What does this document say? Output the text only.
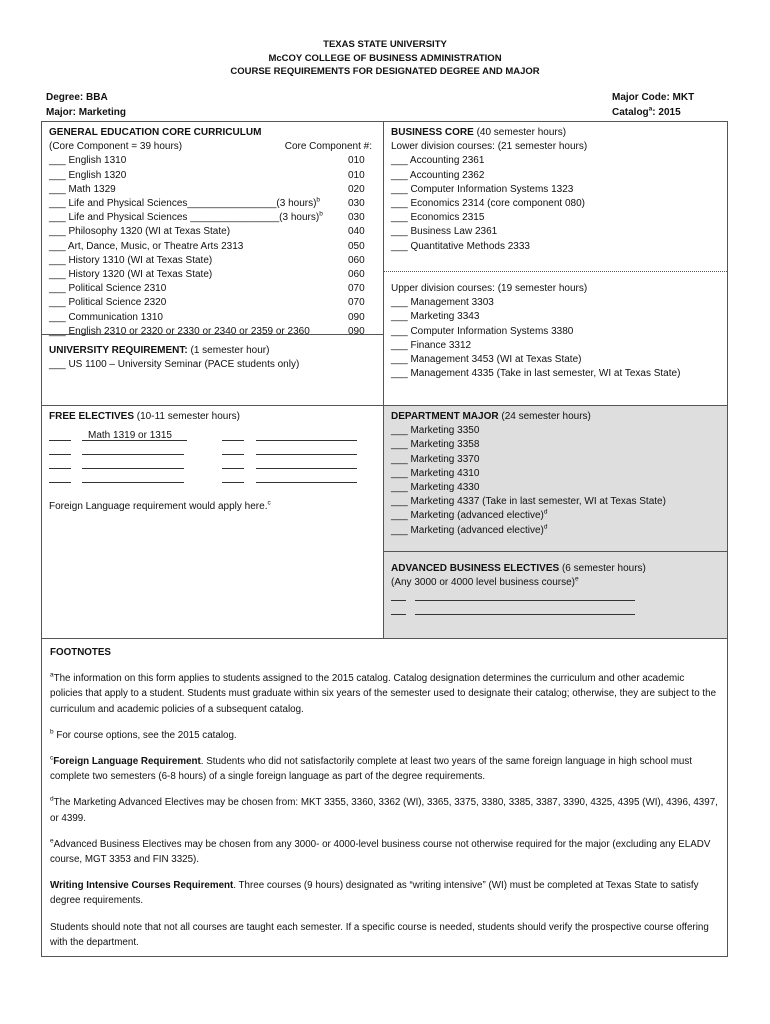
TEXAS STATE UNIVERSITY
McCOY COLLEGE OF BUSINESS ADMINISTRATION
COURSE REQUIREMENTS FOR DESIGNATED DEGREE AND MAJOR
Degree: BBA
Major: Marketing
Major Code: MKT
Catalog$^a$: 2015
GENERAL EDUCATION CORE CURRICULUM
(Core Component = 39 hours)	Core Component #:
___ English 1310	010
___ English 1320	010
___ Math 1329	020
___ Life and Physical Sciences________________(3 hours)$^b$	030
___ Life and Physical Sciences ________________(3 hours)$^b$	030
___ Philosophy 1320 (WI at Texas State)	040
___ Art, Dance, Music, or Theatre Arts 2313	050
___ History 1310 (WI at Texas State)	060
___ History 1320 (WI at Texas State)	060
___ Political Science 2310	070
___ Political Science 2320	070
___ Communication 1310	090
___ English 2310 or 2320 or 2330 or 2340 or 2359 or 2360	090
UNIVERSITY REQUIREMENT: (1 semester hour)
___ US 1100 – University Seminar (PACE students only)
BUSINESS CORE (40 semester hours)
Lower division courses: (21 semester hours)
___ Accounting 2361
___ Accounting 2362
___ Computer Information Systems 1323
___ Economics 2314 (core component 080)
___ Economics 2315
___ Business Law 2361
___ Quantitative Methods 2333
Upper division courses: (19 semester hours)
___ Management 3303
___ Marketing 3343
___ Computer Information Systems 3380
___ Finance 3312
___ Management 3453 (WI at Texas State)
___ Management 4335 (Take in last semester, WI at Texas State)
FREE ELECTIVES (10-11 semester hours)
Math 1319 or 1315
Foreign Language requirement would apply here.$^c$
DEPARTMENT MAJOR (24 semester hours)
___ Marketing 3350
___ Marketing 3358
___ Marketing 3370
___ Marketing 4310
___ Marketing 4330
___ Marketing 4337 (Take in last semester, WI at Texas State)
___ Marketing (advanced elective)$^d$
___ Marketing (advanced elective)$^d$
ADVANCED BUSINESS ELECTIVES (6 semester hours)
(Any 3000 or 4000 level business course)$^e$

FOOTNOTES

$^a$The information on this form applies to students assigned to the 2015 catalog. Catalog designation determines the curriculum and other academic policies that apply to a student. Students must graduate within six years of the semester used to designate their catalog; otherwise, they are subject to the curriculum and academic policies of a subsequent catalog.

$^b$ For course options, see the 2015 catalog.

$^c$Foreign Language Requirement. Students who did not satisfactorily complete at least two years of the same foreign language in high school must complete two semesters (6-8 hours) of a single foreign language as part of the degree requirements.

$^d$The Marketing Advanced Electives may be chosen from: MKT 3355, 3360, 3362 (WI), 3365, 3375, 3380, 3385, 3387, 3390, 4325, 4395 (WI), 4396, 4397, or 4399.

$^e$Advanced Business Electives may be chosen from any 3000- or 4000-level business course not otherwise required for the major (excluding any ELADV course, MGT 3353 and FIN 3325).

Writing Intensive Courses Requirement. Three courses (9 hours) designated as “writing intensive” (WI) must be completed at Texas State to satisfy degree requirements.

Students should note that not all courses are taught each semester. If a specific course is needed, students should verify the prospective course offering with the department.
